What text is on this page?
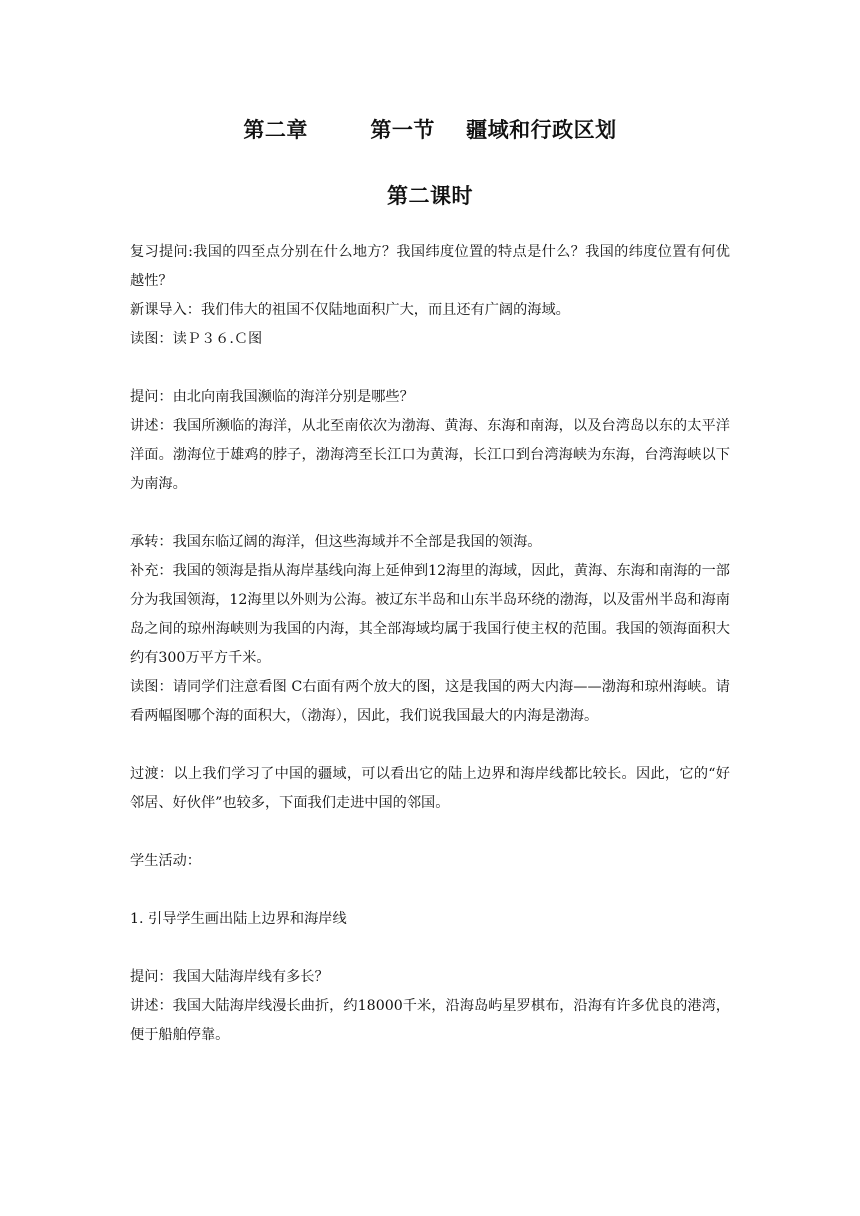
第二章        第一节    疆域和行政区划
第二课时

复习提问:我国的四至点分别在什么地方？我国纬度位置的特点是什么？我国的纬度位置有何优越性？

新课导入：我们伟大的祖国不仅陆地面积广大，而且还有广阔的海域。

读图：读Ｐ３６.Ｃ图

提问：由北向南我国濒临的海洋分别是哪些？

讲述：我国所濒临的海洋，从北至南依次为渤海、黄海、东海和南海，以及台湾岛以东的太平洋洋面。渤海位于雄鸡的脖子，渤海湾至长江口为黄海，长江口到台湾海峡为东海，台湾海峡以下为南海。

承转：我国东临辽阔的海洋，但这些海域并不全部是我国的领海。

补充：我国的领海是指从海岸基线向海上延伸到12海里的海域，因此，黄海、东海和南海的一部分为我国领海，12海里以外则为公海。被辽东半岛和山东半岛环绕的渤海，以及雷州半岛和海南岛之间的琼州海峡则为我国的内海，其全部海域均属于我国行使主权的范围。我国的领海面积大约有300万平方千米。

读图：请同学们注意看图 C右面有两个放大的图，这是我国的两大内海——渤海和琼州海峡。请看两幅图哪个海的面积大，（渤海），因此，我们说我国最大的内海是渤海。

过渡：以上我们学习了中国的疆域，可以看出它的陆上边界和海岸线都比较长。因此，它的“好邻居、好伙伴”也较多，下面我们走进中国的邻国。

学生活动：

1. 引导学生画出陆上边界和海岸线

提问：我国大陆海岸线有多长？

讲述：我国大陆海岸线漫长曲折，约18000千米，沿海岛屿星罗棋布，沿海有许多优良的港湾，便于船舶停靠。
